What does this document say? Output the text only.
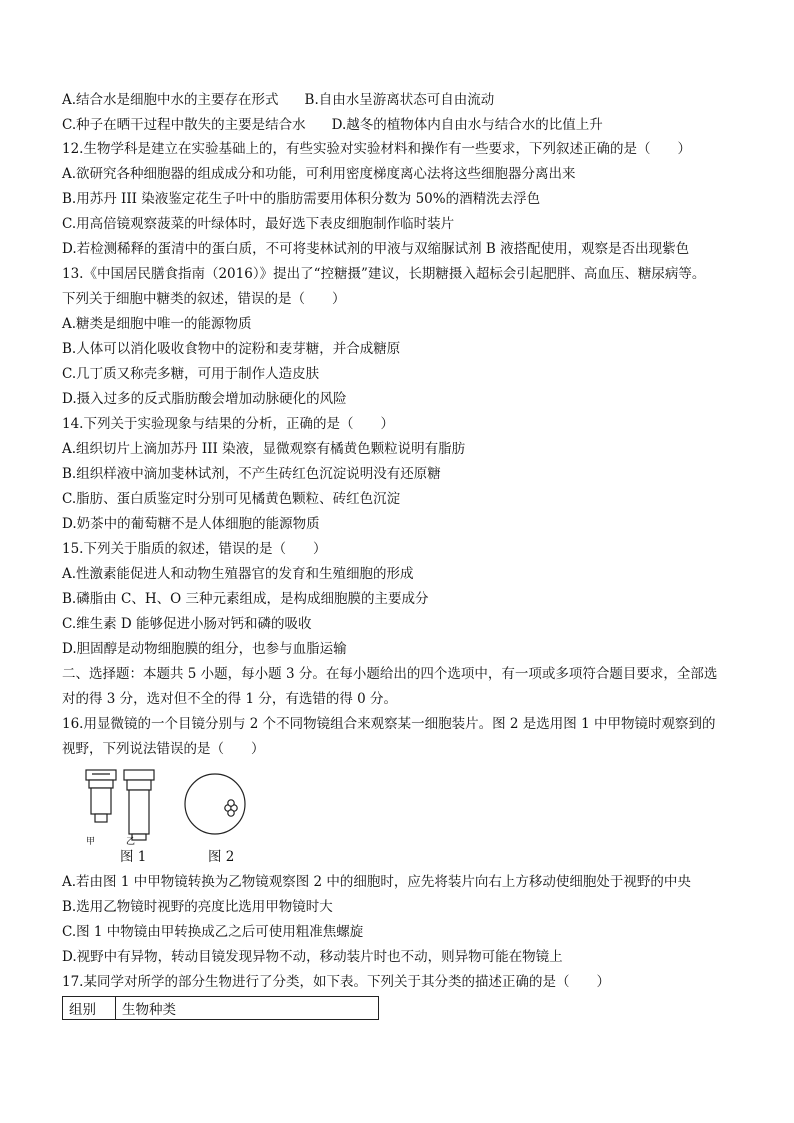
A.结合水是细胞中水的主要存在形式 B.自由水呈游离状态可自由流动
C.种子在晒干过程中散失的主要是结合水 D.越冬的植物体内自由水与结合水的比值上升
12.生物学科是建立在实验基础上的，有些实验对实验材料和操作有一些要求，下列叙述正确的是（　　）
A.欲研究各种细胞器的组成成分和功能，可利用密度梯度离心法将这些细胞器分离出来
B.用苏丹 III 染液鉴定花生子叶中的脂肪需要用体积分数为 50%的酒精洗去浮色
C.用高倍镜观察菠菜的叶绿体时，最好选下表皮细胞制作临时装片
D.若检测稀释的蛋清中的蛋白质，不可将斐林试剂的甲液与双缩脲试剂 B 液搭配使用，观察是否出现紫色
13.《中国居民膳食指南（2016）》提出了“控糖摄”建议，长期糖摄入超标会引起肥胖、高血压、糖尿病等。
下列关于细胞中糖类的叙述，错误的是（　　）
A.糖类是细胞中唯一的能源物质
B.人体可以消化吸收食物中的淀粉和麦芽糖，并合成糖原
C.几丁质又称壳多糖，可用于制作人造皮肤
D.摄入过多的反式脂肪酸会增加动脉硬化的风险
14.下列关于实验现象与结果的分析，正确的是（　　）
A.组织切片上滴加苏丹 III 染液，显微观察有橘黄色颗粒说明有脂肪
B.组织样液中滴加斐林试剂，不产生砖红色沉淀说明没有还原糖
C.脂肪、蛋白质鉴定时分别可见橘黄色颗粒、砖红色沉淀
D.奶茶中的葡萄糖不是人体细胞的能源物质
15.下列关于脂质的叙述，错误的是（　　）
A.性激素能促进人和动物生殖器官的发育和生殖细胞的形成
B.磷脂由 C、H、O 三种元素组成，是构成细胞膜的主要成分
C.维生素 D 能够促进小肠对钙和磷的吸收
D.胆固醇是动物细胞膜的组分，也参与血脂运输
二、选择题：本题共 5 小题，每小题 3 分。在每小题给出的四个选项中，有一项或多项符合题目要求，全部选
对的得 3 分，选对但不全的得 1 分，有选错的得 0 分。
16.用显微镜的一个目镜分别与 2 个不同物镜组合来观察某一细胞装片。图 2 是选用图 1 中甲物镜时观察到的
视野，下列说法错误的是（　　）
甲	乙
图 1	图 2
A.若由图 1 中甲物镜转换为乙物镜观察图 2 中的细胞时，应先将装片向右上方移动使细胞处于视野的中央
B.选用乙物镜时视野的亮度比选用甲物镜时大
C.图 1 中物镜由甲转换成乙之后可使用粗准焦螺旋
D.视野中有异物，转动目镜发现异物不动，移动装片时也不动，则异物可能在物镜上
17.某同学对所学的部分生物进行了分类，如下表。下列关于其分类的描述正确的是（　　）
组别	生物种类
